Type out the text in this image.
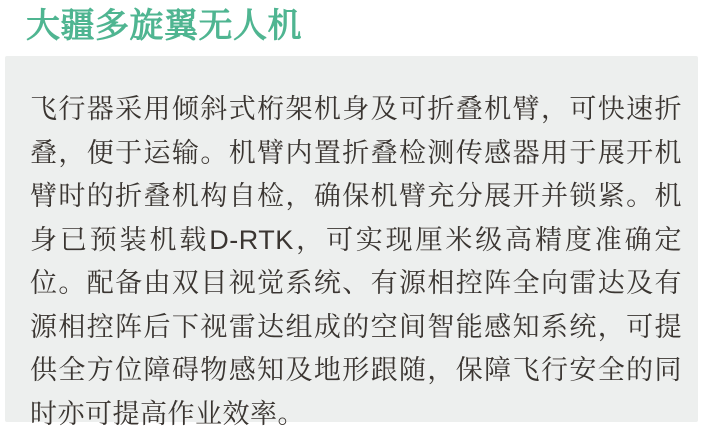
大疆多旋翼无人机

飞行器采用倾斜式桁架机身及可折叠机臂，可快速折叠，便于运输。机臂内置折叠检测传感器用于展开机臂时的折叠机构自检，确保机臂充分展开并锁紧。机身已预装机载D-RTK，可实现厘米级高精度准确定位。配备由双目视觉系统、有源相控阵全向雷达及有源相控阵后下视雷达组成的空间智能感知系统，可提供全方位障碍物感知及地形跟随，保障飞行安全的同时亦可提高作业效率。
